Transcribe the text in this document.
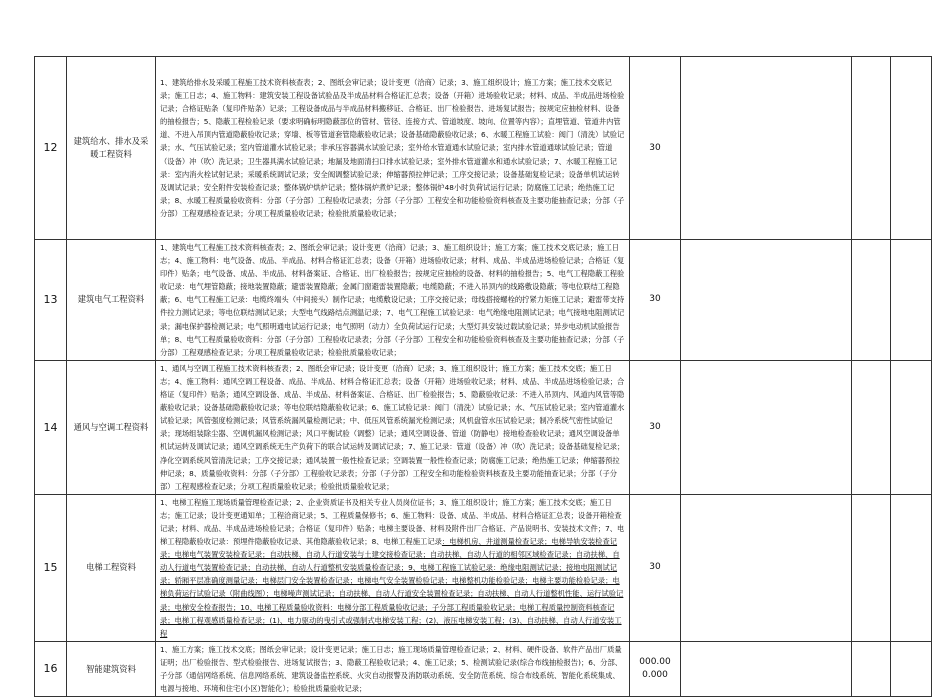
12	建筑给水、排水及采暖工程资料	1、建筑给排水及采暖工程施工技术资料核查表；2、图纸会审记录；设计变更（洽商）记录；3、施工组织设计；施工方案；施工技术交底记录；施工日志；4、施工物料：建筑安装工程设备试验品及半成品材料合格证汇总表；设备（开箱）进场验收记录；材料、成品、半成品进场检验记录；合格证贴条（复印件贴条）记录；工程设备成品与半成品材料搬移证、合格证、出厂检验报告、进场复试报告；按规定应抽检材料、设备的抽检报告；5、隐蔽工程检验记录（要求明确标明隐蔽部位的管材、管径、连接方式、管道坡度、坡向、位置等内容）；直埋管道、管道井内管道、不进入吊顶内管道隐蔽验收记录；穿墙、板等管道套管隐蔽验收记录；设备基础隐蔽验收记录；6、水暖工程施工试验：阀门（清洗）试验记录；水、气压试验记录；室内管道灌水试验记录；非承压容器满水试验记录；室外给水管道通水试验记录；室内排水管道通球试验记录；管道（设备）冲（吹）洗记录；卫生器具满水试验记录；地漏及地面清扫口排水试验记录；室外排水管道灌水和通水试验记录；7、水暖工程施工记录：室内消火栓试射记录；采暖系统调试记录；安全阀调整试验记录；伸缩器预拉伸记录；工序交接记录；设备基础复检记录；设备单机试运转及调试记录；安全附件安装检查记录；整体锅炉烘炉记录；整体锅炉煮炉记录；整体锅炉48小时负荷试运行记录；防腐施工记录；绝热施工记录；8、水暖工程质量验收资料：分部（子分部）工程验收记录表；分部（子分部）工程安全和功能检验资料核查及主要功能抽查记录；分部（子分部）工程观感检查记录；分项工程质量验收记录；检验批质量验收记录；	30			
13	建筑电气工程资料	1、建筑电气工程施工技术资料核查表；2、图纸会审记录；设计变更（洽商）记录；3、施工组织设计；施工方案；施工技术交底记录；施工日志；4、施工物料：电气设备、成品、半成品、材料合格证汇总表；设备（开箱）进场验收记录；材料、成品、半成品进场检验记录；合格证（复印件）贴条；电气设备、成品、半成品、材料备案证、合格证、出厂检验报告；按规定应抽检的设备、材料的抽检报告；5、电气工程隐蔽工程验收记录：电气埋管隐蔽；接地装置隐蔽；避雷装置隐蔽；金属门窗避雷装置隐蔽；电缆隐蔽；不进入吊顶内的线路敷设隐蔽；等电位联结工程隐蔽；6、电气工程施工记录：电缆终端头（中间接头）制作记录；电缆敷设记录；工序交接记录；母线搭接螺栓的拧紧力矩施工记录；避雷带支持件拉力测试记录；等电位联结测试记录；大型电气线路结点测温记录；7、电气工程施工试验记录：电气绝缘电阻测试记录；电气接地电阻测试记录；漏电保护器检测记录；电气照明通电试运行记录；电气照明（动力）全负荷试运行记录；大型灯具安装过载试验记录；异步电动机试验报告单；8、电气工程质量验收资料：分部（子分部）工程验收记录表；分部（子分部）工程安全和功能检验资料核查及主要功能抽查记录；分部（子分部）工程观感检查记录；分项工程质量验收记录；检验批质量验收记录；	30			
14	通风与空调工程资料	1、通风与空调工程施工技术资料核查表；2、图纸会审记录；设计变更（洽商）记录；3、施工组织设计；施工方案；施工技术交底；施工日志；4、施工物料：通风空调工程设备、成品、半成品、材料合格证汇总表；设备（开箱）进场验收记录；材料、成品、半成品进场检验记录；合格证（复印件）贴条；通风空调设备、成品、半成品、材料备案证、合格证、出厂检验报告；5、隐蔽验收记录：不进入吊顶内、风道内风管等隐蔽验收记录；设备基础隐蔽验收记录；等电位联结隐蔽验收记录；6、施工试验记录：阀门（清洗）试验记录；水、气压试验记录；室内管道灌水试验记录；风管强度检测记录；风管系统漏风量检测记录；中、低压风管系统漏光检测记录；风机盘管水压试验记录；制冷系统气密性试验记录；现场组装除尘器、空调机漏风检测记录；风口平衡试验（调整）记录；通风空调设备、管道（防静电）接地检查验收记录；通风空调设备单机试运转及调试记录；通风空调系统无生产负荷下的联合试运转及调试记录；7、施工记录：管道（设备）冲（吹）洗记录；设备基础复检记录；净化空调系统风管清洗记录；工序交接记录；通风装置一般性检查记录；空调装置一般性检查记录；防腐施工记录；绝热施工记录；伸缩器预拉伸记录；8、质量验收资料：分部（子分部）工程验收记录表；分部（子分部）工程安全和功能检验资料核查及主要功能抽查记录；分部（子分部）工程观感检查记录；分项工程质量验收记录；检验批质量验收记录；	30			
15	电梯工程资料	1、电梯工程施工现场质量管理检查记录；2、企业资质证书及相关专业人员岗位证书；3、施工组织设计；施工方案；施工技术交底；施工日志；施工记录；设计变更通知单；工程洽商记录；5、工程质量保修书；6、施工物料：设备、成品、半成品、材料合格证汇总表；设备开箱检查记录；材料、成品、半成品进场检验记录；合格证（复印件）贴条；电梯主要设备、材料及附件出厂合格证、产品说明书、安装技术文件；7、电梯工程隐蔽验收记录：预埋件隐蔽验收记录、其他隐蔽验收记录；8、电梯工程施工记录：电梯机房、井道测量检查记录；电梯导轨安装检查记录；电梯电气装置安装检查记录；自动扶梯、自动人行道安装与土建交接检查记录；自动扶梯、自动人行道的相邻区域检查记录；自动扶梯、自动人行道电气装置检查记录；自动扶梯、自动人行道整机安装质量检查记录；9、电梯工程施工试验记录：绝缘电阻测试记录；接地电阻测试记录；轿厢平层准确度测量记录；电梯层门安全装置检查记录；电梯电气安全装置检验记录；电梯整机功能检验记录；电梯主要功能检验记录；电梯负荷运行试验记录（附曲线图）；电梯噪声测试记录；自动扶梯、自动人行道安全装置检查记录；自动扶梯、自动人行道整机性能、运行试验记录；电梯安全检查报告；10、电梯工程质量验收资料：电梯分部工程质量验收记录；子分部工程质量验收记录；电梯工程质量控制资料核查记录；电梯工程观感质量检查记录；(1)、电力驱动的曳引式或强制式电梯安装工程；(2)、液压电梯安装工程；(3)、自动扶梯、自动人行道安装工程	30			
16	智能建筑资料	1、施工方案；施工技术交底；图纸会审记录；设计变更记录；施工日志；施工现场质量管理检查记录；2、材料、硬件设备、软件产品出厂质量证明；出厂检验报告、型式检验报告、进场复试报告；3、隐蔽工程验收记录；4、施工记录；5、检测试验记录(综合布线抽检报告)；6、分部、子分部（通信网络系统、信息网络系统、建筑设备监控系统、火灾自动报警及消防联动系统、安全防范系统、综合布线系统、智能化系统集成、电源与接地、环境和住宅(小区)智能化）；检验批质量验收记录；	000.00 0.000			
